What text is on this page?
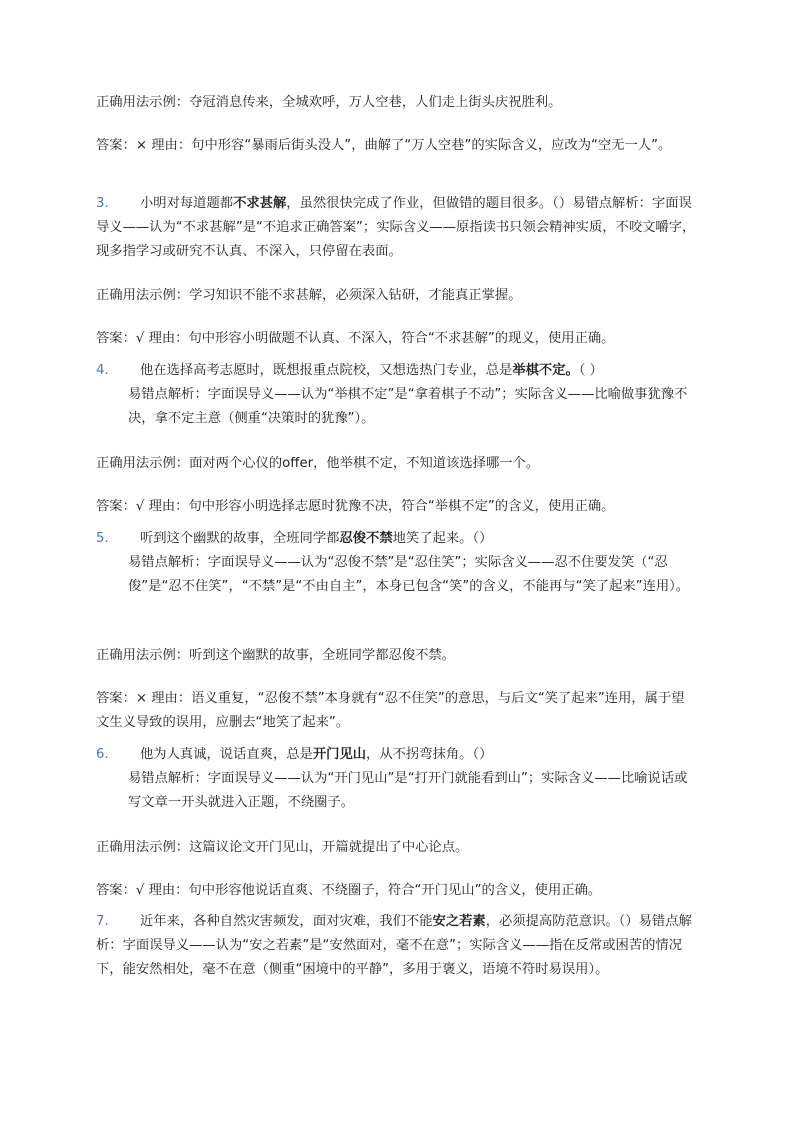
正确用法示例：夺冠消息传来，全城欢呼，万人空巷，人们走上街头庆祝胜利。

答案：× 理由：句中形容“暴雨后街头没人”，曲解了“万人空巷”的实际含义，应改为“空无一人”。

3. 小明对每道题都不求甚解，虽然很快完成了作业，但做错的题目很多。（）易错点解析：字面误导义——认为“不求甚解”是“不追求正确答案”；实际含义——原指读书只领会精神实质，不咬文嚼字，现多指学习或研究不认真、不深入，只停留在表面。

正确用法示例：学习知识不能不求甚解，必须深入钻研，才能真正掌握。

答案：√ 理由：句中形容小明做题不认真、不深入，符合“不求甚解”的现义，使用正确。

4. 他在选择高考志愿时，既想报重点院校，又想选热门专业，总是举棋不定。（ ）
易错点解析：字面误导义——认为“举棋不定”是“拿着棋子不动”；实际含义——比喻做事犹豫不决，拿不定主意（侧重“决策时的犹豫”）。

正确用法示例：面对两个心仪的offer，他举棋不定，不知道该选择哪一个。

答案：√ 理由：句中形容小明选择志愿时犹豫不决，符合“举棋不定”的含义，使用正确。

5. 听到这个幽默的故事，全班同学都忍俊不禁地笑了起来。（）
易错点解析：字面误导义——认为“忍俊不禁”是“忍住笑”；实际含义——忍不住要发笑（“忍俊”是“忍不住笑”，“不禁”是“不由自主”，本身已包含“笑”的含义，不能再与“笑了起来”连用）。

正确用法示例：听到这个幽默的故事，全班同学都忍俊不禁。

答案：× 理由：语义重复，“忍俊不禁”本身就有“忍不住笑”的意思，与后文“笑了起来”连用，属于望文生义导致的误用，应删去“地笑了起来”。

6. 他为人真诚，说话直爽，总是开门见山，从不拐弯抹角。（）
易错点解析：字面误导义——认为“开门见山”是“打开门就能看到山”；实际含义——比喻说话或写文章一开头就进入正题，不绕圈子。

正确用法示例：这篇议论文开门见山，开篇就提出了中心论点。

答案：√ 理由：句中形容他说话直爽、不绕圈子，符合“开门见山”的含义，使用正确。

7. 近年来，各种自然灾害频发，面对灾难，我们不能安之若素，必须提高防范意识。（）易错点解析：字面误导义——认为“安之若素”是“安然面对，毫不在意”；实际含义——指在反常或困苦的情况下，能安然相处，毫不在意（侧重“困境中的平静”，多用于褒义，语境不符时易误用）。
